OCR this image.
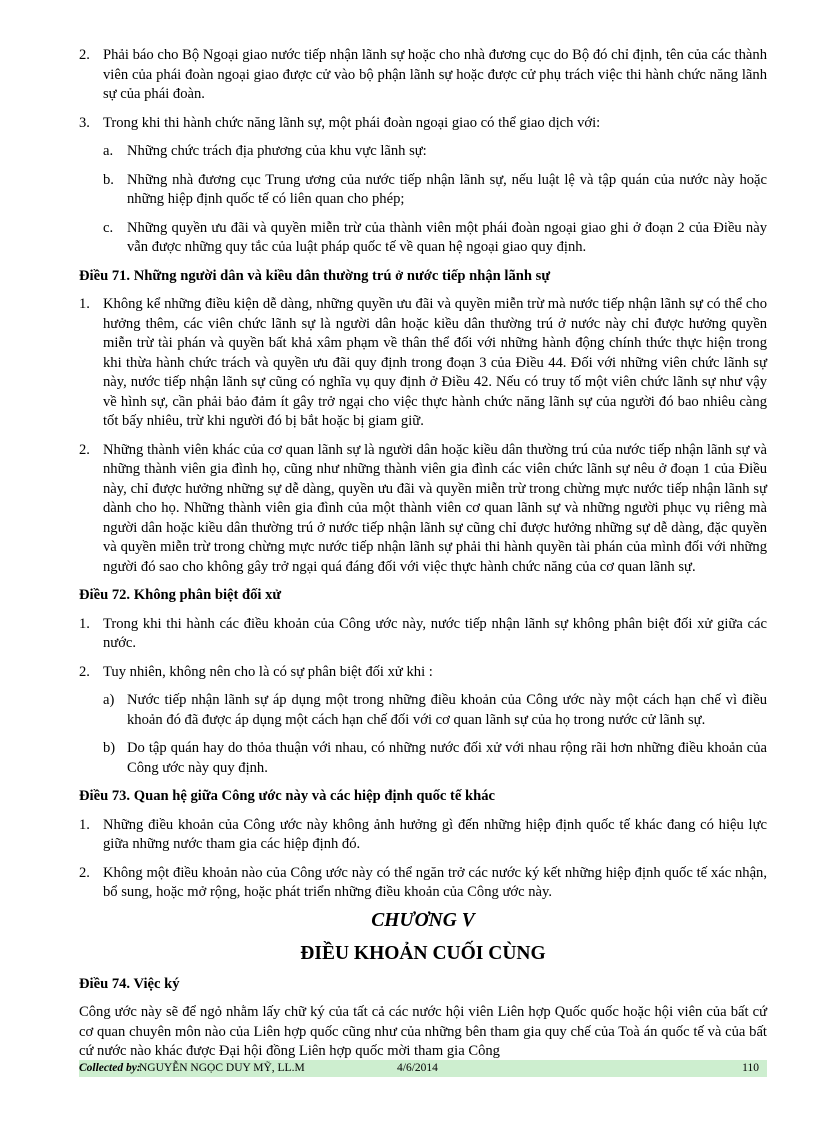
2. Phải báo cho Bộ Ngoại giao nước tiếp nhận lãnh sự hoặc cho nhà đương cục do Bộ đó chỉ định, tên của các thành viên của phái đoàn ngoại giao được cử vào bộ phận lãnh sự hoặc được cử phụ trách việc thi hành chức năng lãnh sự của phái đoàn.
3. Trong khi thi hành chức năng lãnh sự, một phái đoàn ngoại giao có thể giao dịch với:
a. Những chức trách địa phương của khu vực lãnh sự:
b. Những nhà đương cục Trung ương của nước tiếp nhận lãnh sự, nếu luật lệ và tập quán của nước này hoặc những hiệp định quốc tế có liên quan cho phép;
c. Những quyền ưu đãi và quyền miễn trừ của thành viên một phái đoàn ngoại giao ghi ở đoạn 2 của Điều này vẫn được những quy tắc của luật pháp quốc tế về quan hệ ngoại giao quy định.

Điều 71. Những người dân và kiều dân thường trú ở nước tiếp nhận lãnh sự

1. Không kể những điều kiện dễ dàng, những quyền ưu đãi và quyền miễn trừ mà nước tiếp nhận lãnh sự có thể cho hưởng thêm, các viên chức lãnh sự là người dân hoặc kiều dân thường trú ở nước này chỉ được hưởng quyền miễn trừ tài phán và quyền bất khả xâm phạm về thân thể đối với những hành động chính thức thực hiện trong khi thừa hành chức trách và quyền ưu đãi quy định trong đoạn 3 của Điều 44. Đối với những viên chức lãnh sự này, nước tiếp nhận lãnh sự cũng có nghĩa vụ quy định ở Điều 42. Nếu có truy tố một viên chức lãnh sự như vậy về hình sự, cần phải bảo đảm ít gây trở ngại cho việc thực hành chức năng lãnh sự của người đó bao nhiêu càng tốt bấy nhiêu, trừ khi người đó bị bắt hoặc bị giam giữ.
2. Những thành viên khác của cơ quan lãnh sự là người dân hoặc kiều dân thường trú của nước tiếp nhận lãnh sự và những thành viên gia đình họ, cũng như những thành viên gia đình các viên chức lãnh sự nêu ở đoạn 1 của Điều này, chỉ được hưởng những sự dễ dàng, quyền ưu đãi và quyền miễn trừ trong chừng mực nước tiếp nhận lãnh sự dành cho họ. Những thành viên gia đình của một thành viên cơ quan lãnh sự và những người phục vụ riêng mà người dân hoặc kiều dân thường trú ở nước tiếp nhận lãnh sự cũng chỉ được hưởng những sự dễ dàng, đặc quyền và quyền miễn trừ trong chừng mực nước tiếp nhận lãnh sự phải thi hành quyền tài phán của mình đối với những người đó sao cho không gây trở ngại quá đáng đối với việc thực hành chức năng của cơ quan lãnh sự.

Điều 72. Không phân biệt đối xử

1. Trong khi thi hành các điều khoản của Công ước này, nước tiếp nhận lãnh sự không phân biệt đối xử giữa các nước.
2. Tuy nhiên, không nên cho là có sự phân biệt đối xử khi :
a) Nước tiếp nhận lãnh sự áp dụng một trong những điều khoản của Công ước này một cách hạn chế vì điều khoản đó đã được áp dụng một cách hạn chế đối với cơ quan lãnh sự của họ trong nước cử lãnh sự.
b) Do tập quán hay do thỏa thuận với nhau, có những nước đối xử với nhau rộng rãi hơn những điều khoản của Công ước này quy định.

Điều 73. Quan hệ giữa Công ước này và các hiệp định quốc tế khác

1. Những điều khoản của Công ước này không ảnh hưởng gì đến những hiệp định quốc tế khác đang có hiệu lực giữa những nước tham gia các hiệp định đó.
2. Không một điều khoản nào của Công ước này có thể ngăn trở các nước ký kết những hiệp định quốc tế xác nhận, bổ sung, hoặc mở rộng, hoặc phát triển những điều khoản của Công ước này.

CHƯƠNG V

ĐIỀU KHOẢN CUỐI CÙNG

Điều 74. Việc ký

Công ước này sẽ để ngỏ nhằm lấy chữ ký của tất cả các nước hội viên Liên hợp Quốc quốc hoặc hội viên của bất cứ cơ quan chuyên môn nào của Liên hợp quốc cũng như của những bên tham gia quy chế của Toà án quốc tế và của bất cứ nước nào khác được Đại hội đồng Liên hợp quốc mời tham gia Công

Collected by:
NGUYỄN NGỌC DUY MỸ, LL.M	4/6/2014	110
